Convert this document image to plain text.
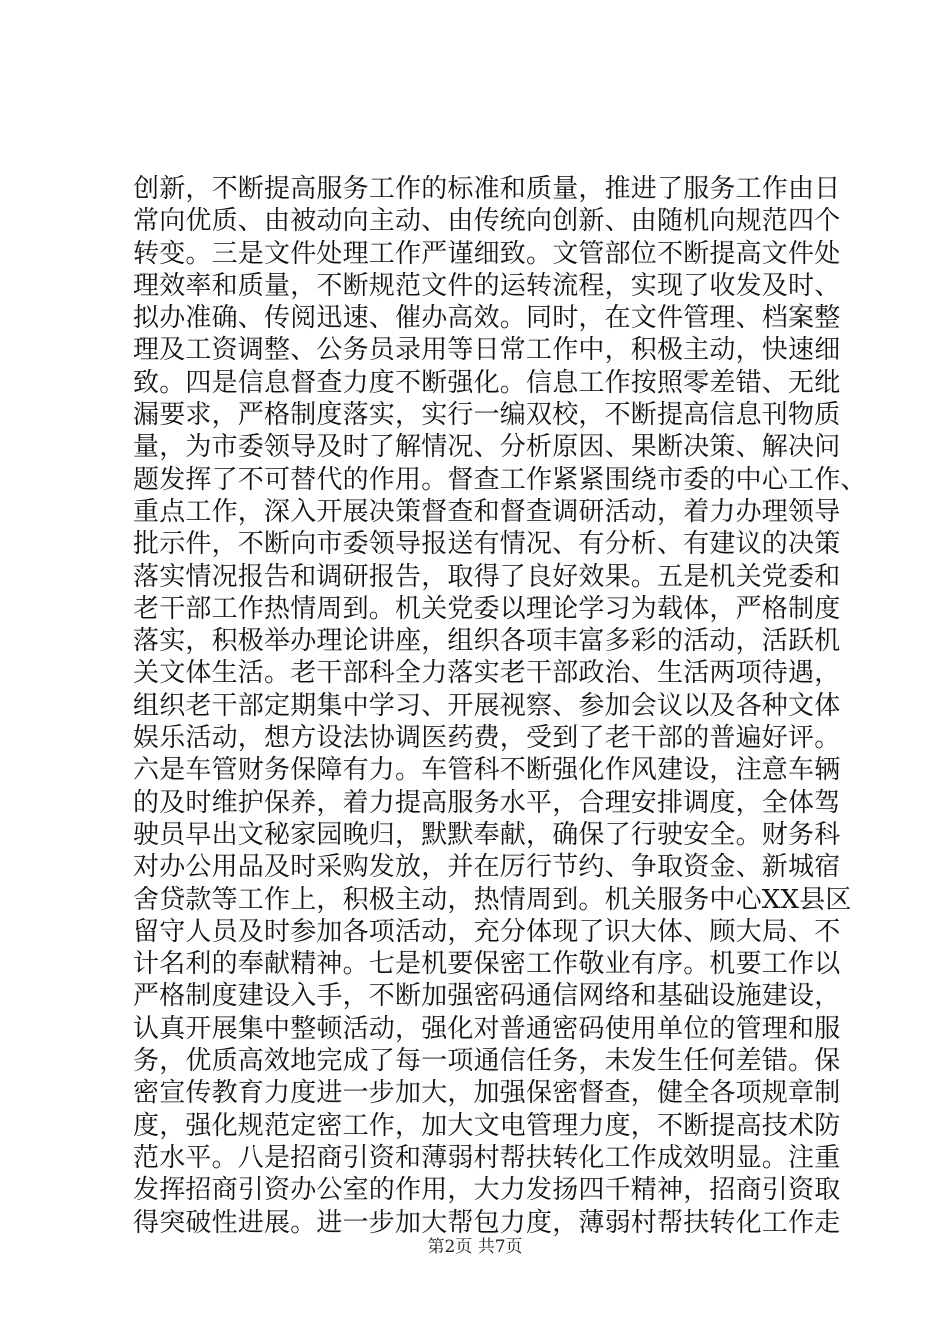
创新，不断提高服务工作的标准和质量，推进了服务工作由日
常向优质、由被动向主动、由传统向创新、由随机向规范四个
转变。三是文件处理工作严谨细致。文管部位不断提高文件处
理效率和质量，不断规范文件的运转流程，实现了收发及时、
拟办准确、传阅迅速、催办高效。同时，在文件管理、档案整
理及工资调整、公务员录用等日常工作中，积极主动，快速细
致。四是信息督查力度不断强化。信息工作按照零差错、无纰
漏要求，严格制度落实，实行一编双校，不断提高信息刊物质
量，为市委领导及时了解情况、分析原因、果断决策、解决问
题发挥了不可替代的作用。督查工作紧紧围绕市委的中心工作、
重点工作，深入开展决策督查和督查调研活动，着力办理领导
批示件，不断向市委领导报送有情况、有分析、有建议的决策
落实情况报告和调研报告，取得了良好效果。五是机关党委和
老干部工作热情周到。机关党委以理论学习为载体，严格制度
落实，积极举办理论讲座，组织各项丰富多彩的活动，活跃机
关文体生活。老干部科全力落实老干部政治、生活两项待遇，
组织老干部定期集中学习、开展视察、参加会议以及各种文体
娱乐活动，想方设法协调医药费，受到了老干部的普遍好评。
六是车管财务保障有力。车管科不断强化作风建设，注意车辆
的及时维护保养，着力提高服务水平，合理安排调度，全体驾
驶员早出文秘家园晚归，默默奉献，确保了行驶安全。财务科
对办公用品及时采购发放，并在厉行节约、争取资金、新城宿
舍贷款等工作上，积极主动，热情周到。机关服务中心XX县区
留守人员及时参加各项活动，充分体现了识大体、顾大局、不
计名利的奉献精神。七是机要保密工作敬业有序。机要工作以
严格制度建设入手，不断加强密码通信网络和基础设施建设，
认真开展集中整顿活动，强化对普通密码使用单位的管理和服
务，优质高效地完成了每一项通信任务，未发生任何差错。保
密宣传教育力度进一步加大，加强保密督查，健全各项规章制
度，强化规范定密工作，加大文电管理力度，不断提高技术防
范水平。八是招商引资和薄弱村帮扶转化工作成效明显。注重
发挥招商引资办公室的作用，大力发扬四千精神，招商引资取
得突破性进展。进一步加大帮包力度，薄弱村帮扶转化工作走
第2页 共7页
